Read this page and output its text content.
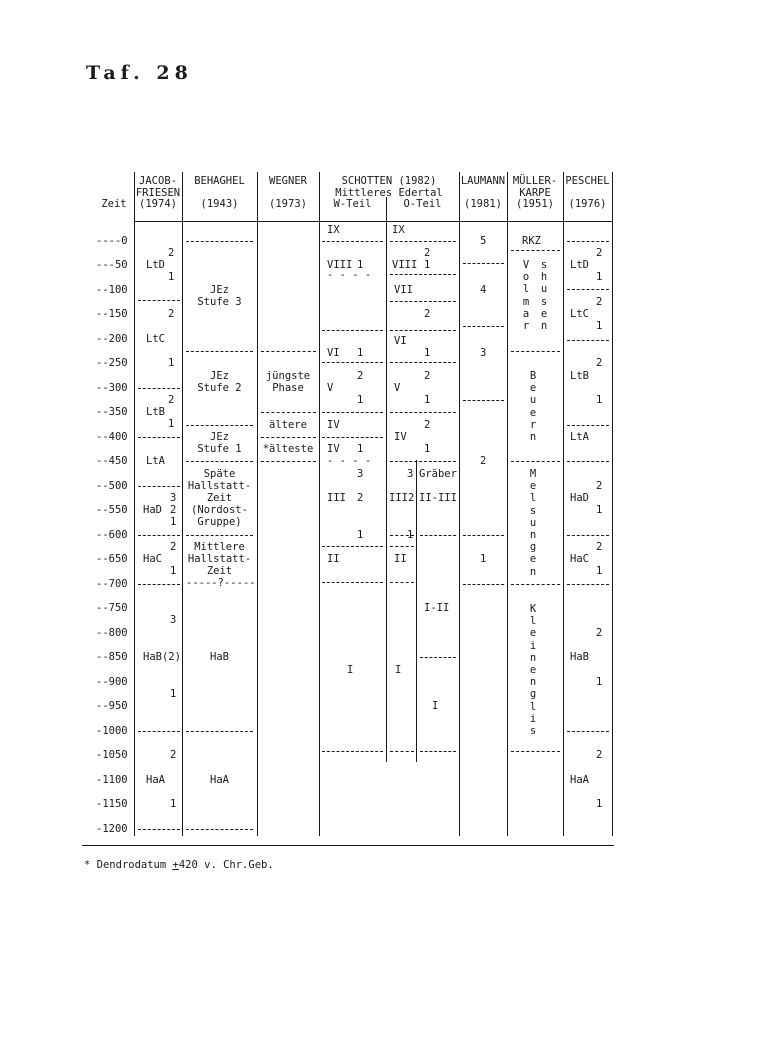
Taf. 28
Zeit
JACOB-
FRIESEN
(1974)
BEHAGHEL

(1943)
WEGNER

(1973)
SCHOTTEN (1982)
Mittleres Edertal
W-Teil	O-Teil
LAUMANN

(1981)
MÜLLER-
KARPE
(1951)
PESCHEL

(1976)
----0
---50
--100
--150
--200
--250
--300
--350
--400
--450
--500
--550
--600
--650
--700
--750
--800
--850
--900
--950
-1000
-1050
-1100
-1150
-1200
2
LtD
1
2
LtC
1
2
LtB
1
LtA
3
HaD 2
1
2
HaC
1
3
HaB(2)
1
2
HaA
1
JEz
Stufe 3
JEz
Stufe 2
JEz
Stufe 1
Späte
Hallstatt-
Zeit
(Nordost-
Gruppe)
Mittlere
Hallstatt-
Zeit
-----?-----
HaB
HaA
jüngste
Phase
ältere
*älteste
IX
VIII 1
- - - -
VI 1
2
V
1
IV
IV 1
- - - -
3
III 2
1
II
I
IX
2
VIII 1
VII
2
VI
1
2
V
1
2
IV
1
3 Gräber
III2 II-III
1
II
I-II
I
I
5
4
3
2
1
RKZ
V
o
l
m
a
r
s
h
u
s
e
n
B
e
u
e
r
n
M
e
l
s
u
n
g
e
n
K
l
e
i
n
e
n
g
l
i
s
2
LtD
1
2
LtC
1
2
LtB
1
LtA
2
HaD
1
2
HaC
1
2
HaB
1
2
HaA
1
* Dendrodatum +420 v. Chr.Geb.
